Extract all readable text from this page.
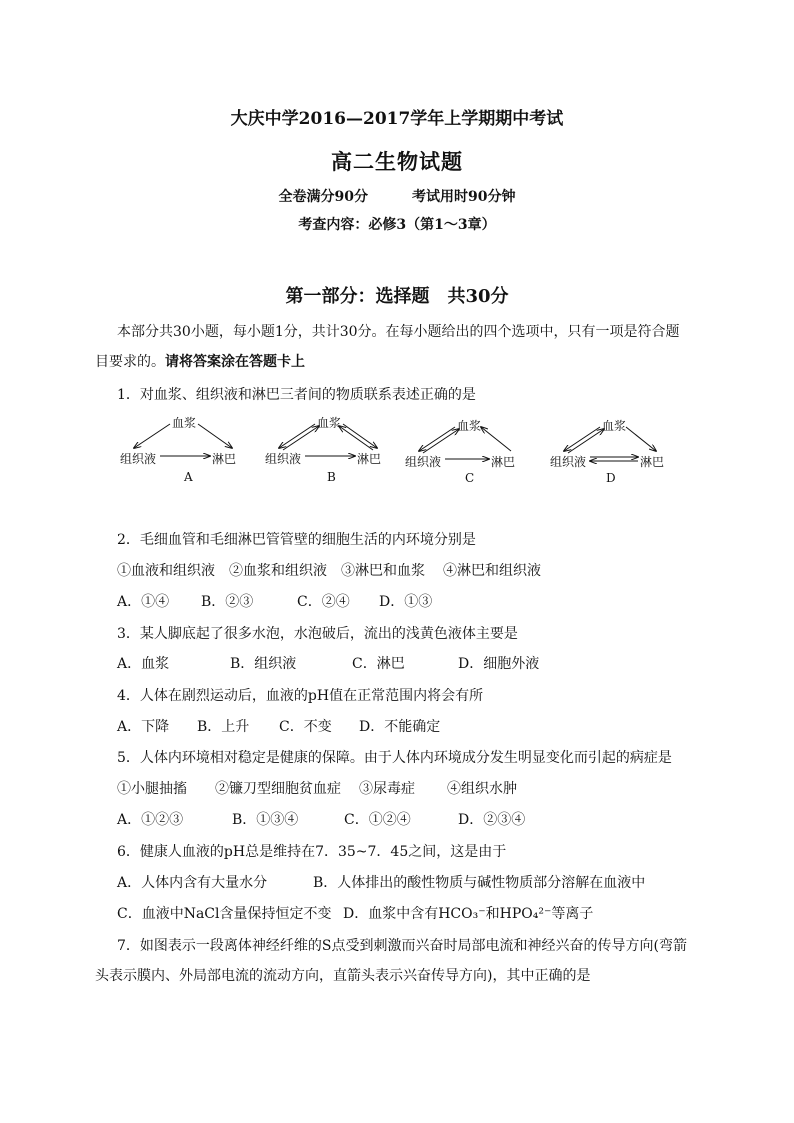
大庆中学2016—2017学年上学期期中考试
高二生物试题
全卷满分90分	考试用时90分钟
考查内容：必修3（第1～3章）
第一部分：选择题 共30分
本部分共30小题，每小题1分，共计30分。在每小题给出的四个选项中，只有一项是符合题
目要求的。请将答案涂在答题卡上
1．对血浆、组织液和淋巴三者间的物质联系表述正确的是
血浆
组织液	淋巴
A
血浆
组织液	淋巴
B
血浆
组织液	淋巴
C
血浆
组织液	淋巴
D
2．毛细血管和毛细淋巴管管壁的细胞生活的内环境分别是
①血液和组织液 ②血浆和组织液 ③淋巴和血浆 ④淋巴和组织液
A．①④ B．②③	C．②④ D．①③
3．某人脚底起了很多水泡，水泡破后，流出的浅黄色液体主要是
A．血浆	B．组织液	C．淋巴	D．细胞外液
4．人体在剧烈运动后，血液的pH值在正常范围内将会有所
A．下降 B．上升 C．不变 D．不能确定
5．人体内环境相对稳定是健康的保障。由于人体内环境成分发生明显变化而引起的病症是
①小腿抽搐 ②镰刀型细胞贫血症 ③尿毒症 ④组织水肿
A．①②③	B．①③④	C．①②④	D．②③④
6．健康人血液的pH总是维持在7．35~7．45之间，这是由于
A．人体内含有大量水分	B．人体排出的酸性物质与碱性物质部分溶解在血液中
C．血液中NaCl含量保持恒定不变 D．血浆中含有HCO₃⁻和HPO₄²⁻等离子
7．如图表示一段离体神经纤维的S点受到刺激而兴奋时局部电流和神经兴奋的传导方向(弯箭
头表示膜内、外局部电流的流动方向，直箭头表示兴奋传导方向)，其中正确的是
